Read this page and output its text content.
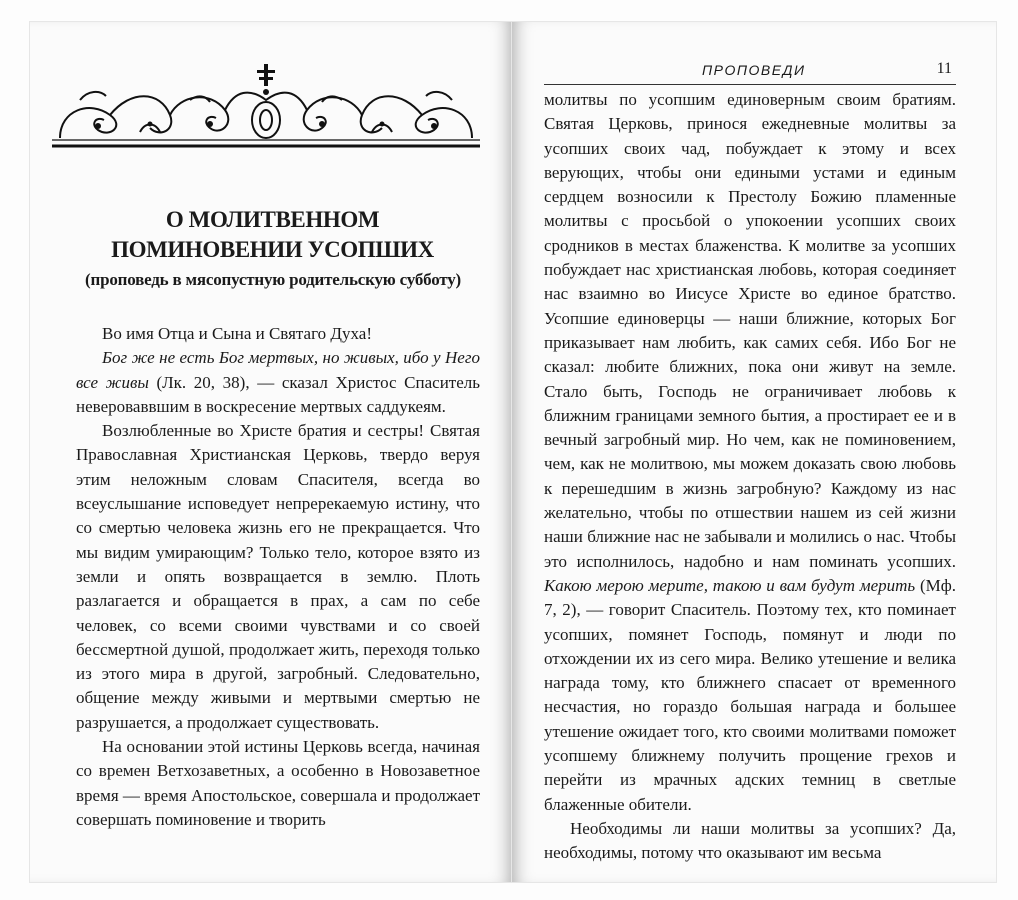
О МОЛИТВЕННОМ
ПОМИНОВЕНИИ УСОПШИХ
(проповедь в мясопустную родительскую субботу)

Во имя Отца и Сына и Святаго Духа!

Бог же не есть Бог мертвых, но живых, ибо у Него все живы (Лк. 20, 38), — сказал Христос Спаситель невероваввшим в воскресение мертвых саддукеям.

Возлюбленные во Христе братия и сестры! Святая Православная Христианская Церковь, твердо веруя этим неложным словам Спасителя, всегда во всеуслышание исповедует непререкаемую истину, что со смертью человека жизнь его не прекращается. Что мы видим умирающим? Только тело, которое взято из земли и опять возвращается в землю. Плоть разлагается и обращается в прах, а сам по себе человек, со всеми своими чувствами и со своей бессмертной душой, продолжает жить, переходя только из этого мира в другой, загробный. Следовательно, общение между живыми и мертвыми смертью не разрушается, а продолжает существовать.

На основании этой истины Церковь всегда, начиная со времен Ветхозаветных, а особенно в Новозаветное время — время Апостольское, совершала и продолжает совершать поминовение и творить

ПРОПОВЕДИ	11

молитвы по усопшим единоверным своим братиям. Святая Церковь, принося ежедневные молитвы за усопших своих чад, побуждает к этому и всех верующих, чтобы они едиными устами и единым сердцем возносили к Престолу Божию пламенные молитвы с просьбой о упокоении усопших своих сродников в местах блаженства. К молитве за усопших побуждает нас христианская любовь, которая соединяет нас взаимно во Иисусе Христе во единое братство. Усопшие единоверцы — наши ближние, которых Бог приказывает нам любить, как самих себя. Ибо Бог не сказал: любите ближних, пока они живут на земле. Стало быть, Господь не ограничивает любовь к ближним границами земного бытия, а простирает ее и в вечный загробный мир. Но чем, как не поминовением, чем, как не молитвою, мы можем доказать свою любовь к перешедшим в жизнь загробную? Каждому из нас желательно, чтобы по отшествии нашем из сей жизни наши ближние нас не забывали и молились о нас. Чтобы это исполнилось, надобно и нам поминать усопших. Какою мерою мерите, такою и вам будут мерить (Мф. 7, 2), — говорит Спаситель. Поэтому тех, кто поминает усопших, помянет Господь, помянут и люди по отхождении их из сего мира. Велико утешение и велика награда тому, кто ближнего спасает от временного несчастия, но гораздо большая награда и большее утешение ожидает того, кто своими молитвами поможет усопшему ближнему получить прощение грехов и перейти из мрачных адских темниц в светлые блаженные обители.

Необходимы ли наши молитвы за усопших? Да, необходимы, потому что оказывают им весьма
